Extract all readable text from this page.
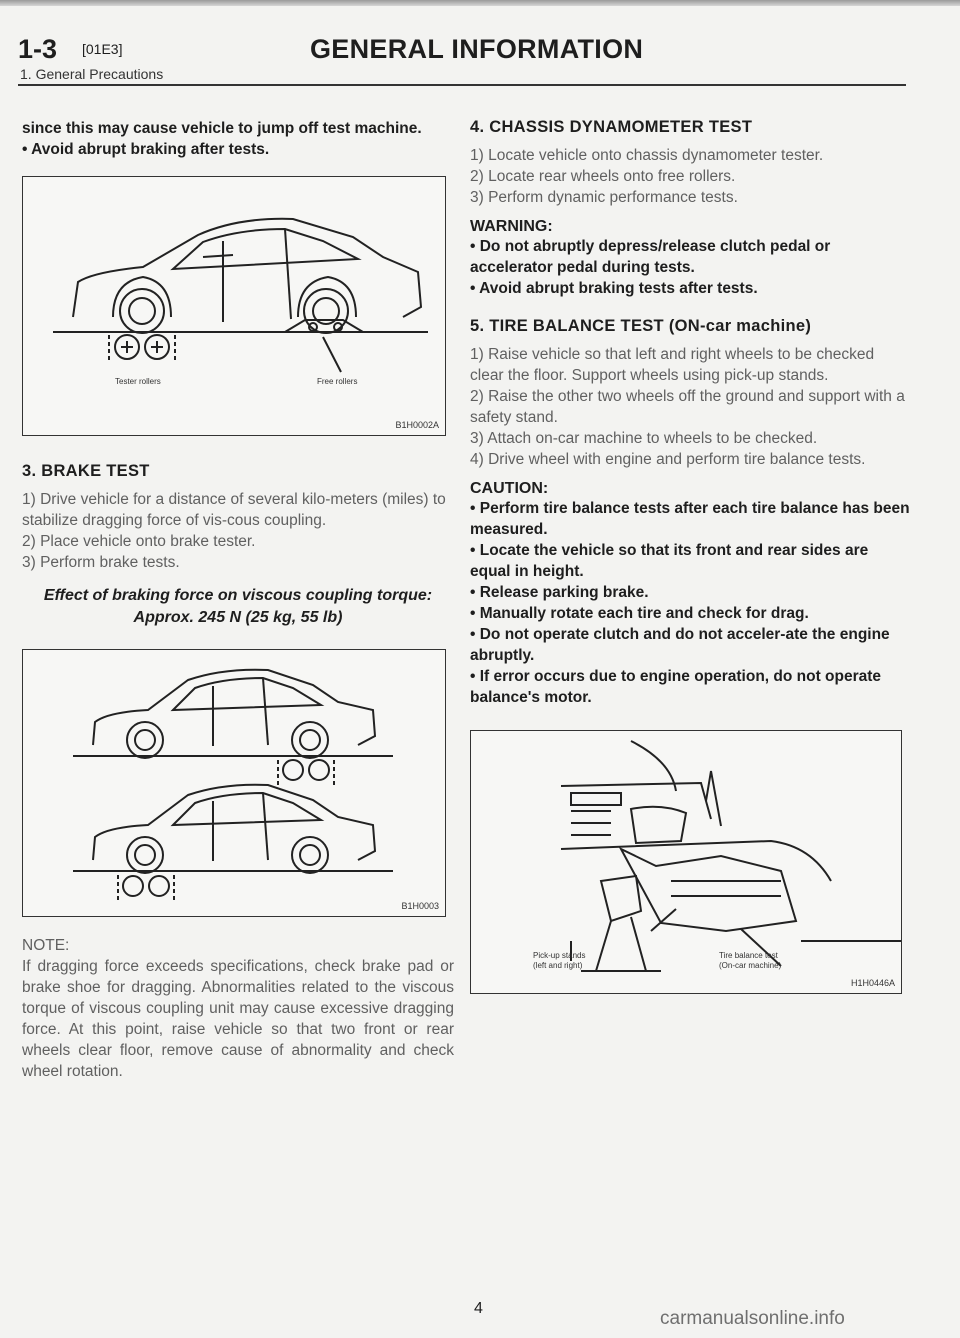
1-3 [01E3]	GENERAL INFORMATION
1. General Precautions

since this may cause vehicle to jump off test machine.

• Avoid abrupt braking after tests.

Tester rollers	Free rollers
B1H0002A

3. BRAKE TEST

1) Drive vehicle for a distance of several kilo-meters (miles) to stabilize dragging force of vis-cous coupling.

2) Place vehicle onto brake tester.

3) Perform brake tests.

Effect of braking force on viscous coupling torque: Approx. 245 N (25 kg, 55 lb)

B1H0003

NOTE:

If dragging force exceeds specifications, check brake pad or brake shoe for dragging. Abnormalities related to the viscous torque of viscous coupling unit may cause excessive dragging force. At this point, raise vehicle so that two front or rear wheels clear floor, remove cause of abnormality and check wheel rotation.

4. CHASSIS DYNAMOMETER TEST

1) Locate vehicle onto chassis dynamometer tester.

2) Locate rear wheels onto free rollers.

3) Perform dynamic performance tests.

WARNING:

• Do not abruptly depress/release clutch pedal or accelerator pedal during tests.

• Avoid abrupt braking tests after tests.

5. TIRE BALANCE TEST (ON-car machine)

1) Raise vehicle so that left and right wheels to be checked clear the floor. Support wheels using pick-up stands.

2) Raise the other two wheels off the ground and support with a safety stand.

3) Attach on-car machine to wheels to be checked.

4) Drive wheel with engine and perform tire balance tests.

CAUTION:

• Perform tire balance tests after each tire balance has been measured.

• Locate the vehicle so that its front and rear sides are equal in height.

• Release parking brake.

• Manually rotate each tire and check for drag.

• Do not operate clutch and do not acceler-ate the engine abruptly.

• If error occurs due to engine operation, do not operate balance's motor.

Pick-up stands
(left and right)
Tire balance test
(On-car machine)
H1H0446A
4	carmanualsonline.info
